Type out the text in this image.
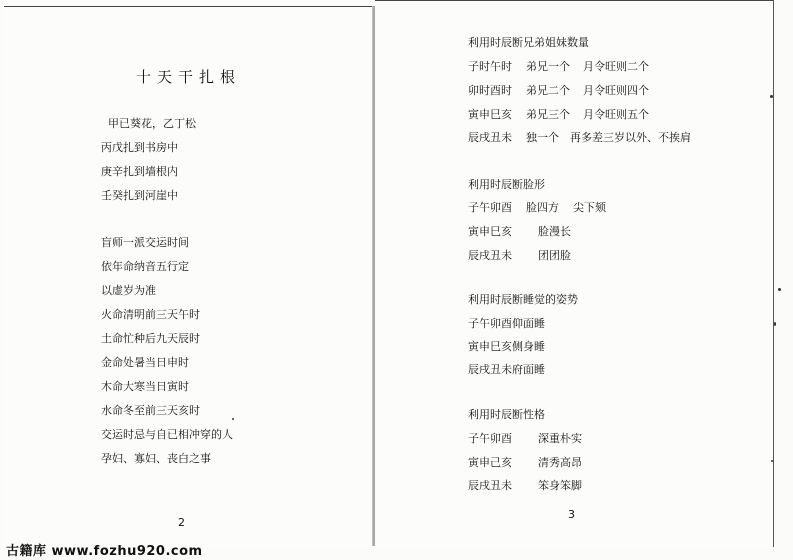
十天干扎根
甲已葵花，乙丁松
丙戊扎到书房中
庚辛扎到墙根内
壬癸扎到河崖中
盲师一派交运时间
依年命纳音五行定
以虚岁为准
火命清明前三天午时
土命忙种后九天辰时
金命处暑当日申时
木命大寒当日寅时
水命冬至前三天亥时
交运时忌与自已相冲穿的人
孕妇、寡妇、丧白之事
2
利用时辰断兄弟姐妹数量
子时午时 弟兄一个 月令旺则二个
卯时酉时 弟兄二个 月令旺则四个
寅申巳亥 弟兄三个 月令旺则五个
辰戌丑未 独一个 再多差三岁以外、不挨肩
利用时辰断脸形
子午卯酉 脸四方 尖下颏
寅申巳亥 脸漫长
辰戌丑未 团团脸
利用时辰断睡觉的姿势
子午卯酉仰面睡
寅申巳亥侧身睡
辰戌丑未府面睡
利用时辰断性格
子午卯酉 深重朴实
寅申己亥 清秀高昂
辰戌丑未 笨身笨脚
3
古籍库 www.fozhu920.com
